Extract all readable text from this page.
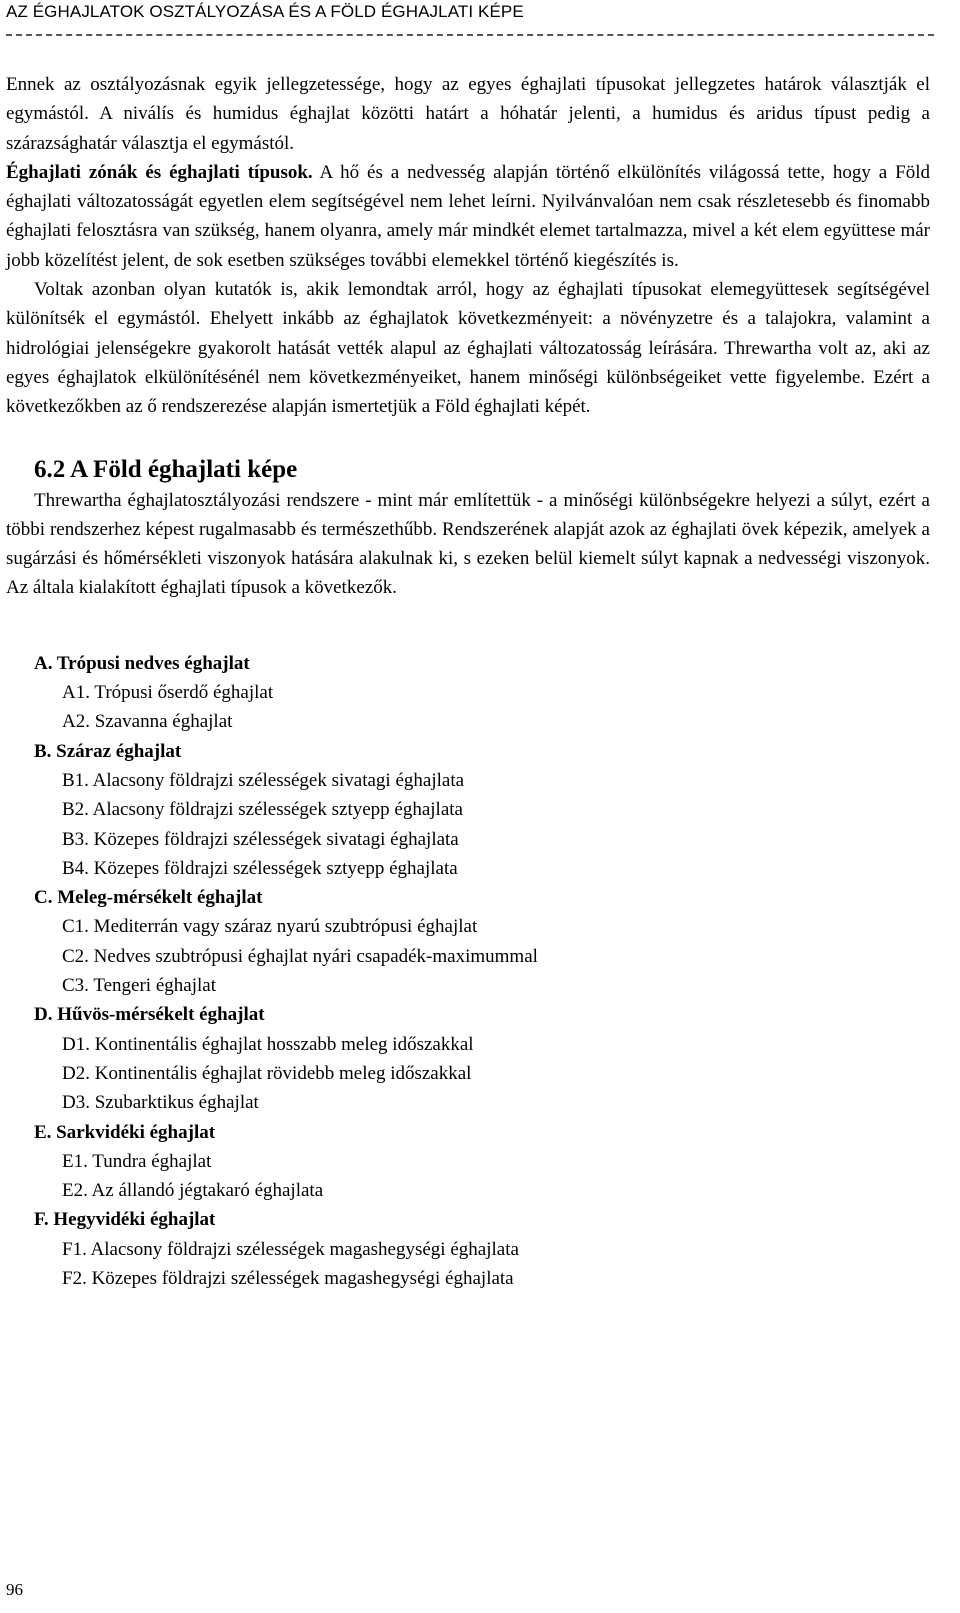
AZ ÉGHAJLATOK OSZTÁLYOZÁSA ÉS A FÖLD ÉGHAJLATI KÉPE

Ennek az osztályozásnak egyik jellegzetessége, hogy az egyes éghajlati típusokat jellegzetes határok választják el egymástól. A niválís és humidus éghajlat közötti határt a hóhatár jelenti, a humidus és aridus típust pedig a szárazsághatár választja el egymástól.

Éghajlati zónák és éghajlati típusok. A hő és a nedvesség alapján történő elkülönítés világossá tette, hogy a Föld éghajlati változatosságát egyetlen elem segítségével nem lehet leírni. Nyilvánvalóan nem csak részletesebb és finomabb éghajlati felosztásra van szükség, hanem olyanra, amely már mindkét elemet tartalmazza, mivel a két elem együttese már jobb közelítést jelent, de sok esetben szükséges további elemekkel történő kiegészítés is.

Voltak azonban olyan kutatók is, akik lemondtak arról, hogy az éghajlati típusokat elemegyüttesek segítségével különítsék el egymástól. Ehelyett inkább az éghajlatok következményeit: a növényzetre és a talajokra, valamint a hidrológiai jelenségekre gyakorolt hatását vették alapul az éghajlati változatosság leírására. Threwartha volt az, aki az egyes éghajlatok elkülönítésénél nem következményeiket, hanem minőségi különbségeiket vette figyelembe. Ezért a következőkben az ő rendszerezése alapján ismertetjük a Föld éghajlati képét.

6.2 A Föld éghajlati képe

Threwartha éghajlatosztályozási rendszere - mint már említettük - a minőségi különbségekre helyezi a súlyt, ezért a többi rendszerhez képest rugalmasabb és természethűbb. Rendszerének alapját azok az éghajlati övek képezik, amelyek a sugárzási és hőmérsékleti viszonyok hatására alakulnak ki, s ezeken belül kiemelt súlyt kapnak a nedvességi viszonyok. Az általa kialakított éghajlati típusok a következők.

A. Trópusi nedves éghajlat
A1. Trópusi őserdő éghajlat
A2. Szavanna éghajlat
B. Száraz éghajlat
B1. Alacsony földrajzi szélességek sivatagi éghajlata
B2. Alacsony földrajzi szélességek sztyepp éghajlata
B3. Közepes földrajzi szélességek sivatagi éghajlata
B4. Közepes földrajzi szélességek sztyepp éghajlata
C. Meleg-mérsékelt éghajlat
C1. Mediterrán vagy száraz nyarú szubtrópusi éghajlat
C2. Nedves szubtrópusi éghajlat nyári csapadék-maximummal
C3. Tengeri éghajlat
D. Hűvös-mérsékelt éghajlat
D1. Kontinentális éghajlat hosszabb meleg időszakkal
D2. Kontinentális éghajlat rövidebb meleg időszakkal
D3. Szubarktikus éghajlat
E. Sarkvidéki éghajlat
E1. Tundra éghajlat
E2. Az állandó jégtakaró éghajlata
F. Hegyvidéki éghajlat
F1. Alacsony földrajzi szélességek magashegységi éghajlata
F2. Közepes földrajzi szélességek magashegységi éghajlata
96
